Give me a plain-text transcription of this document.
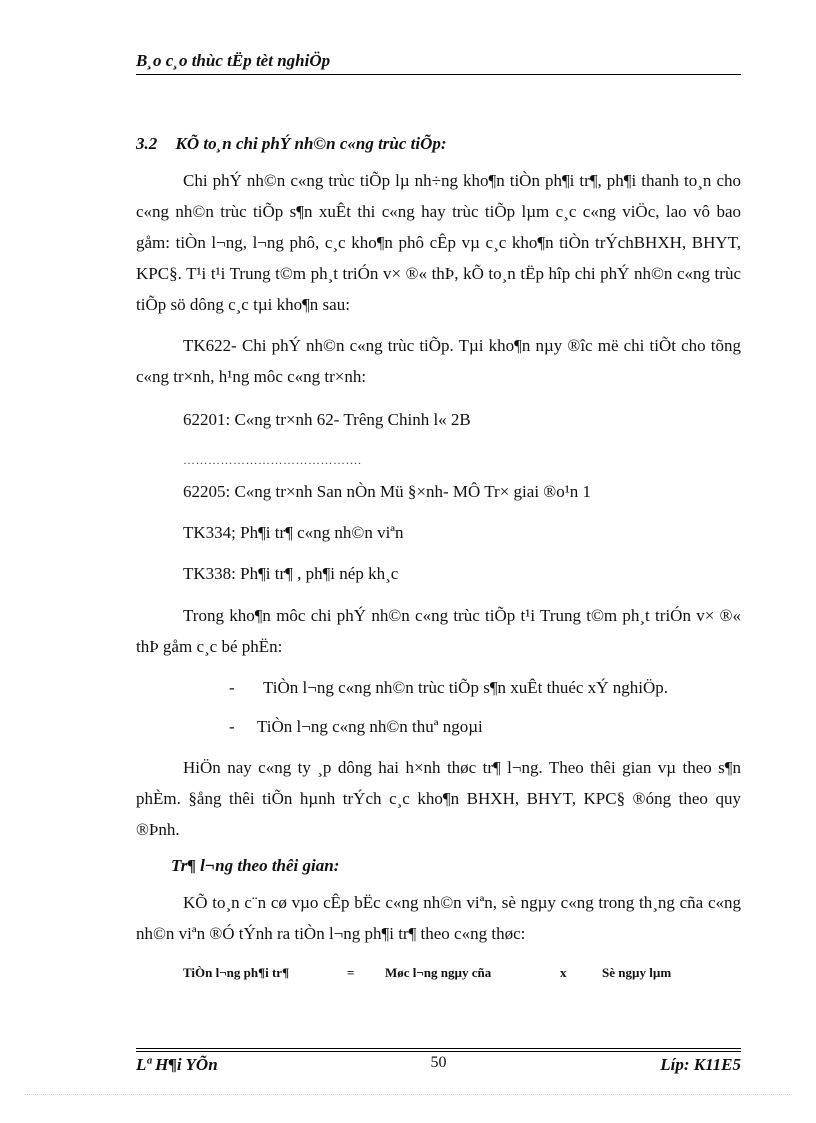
B¸o c¸o thùc tËp tèt nghiÖp

3.2 KÕ to¸n chi phÝ nh©n c«ng trùc tiÕp:

Chi phÝ nh©n c«ng trùc tiÕp lµ nh÷ng kho¶n tiÒn ph¶i tr¶, ph¶i thanh to¸n cho c«ng nh©n trùc tiÕp s¶n xuÊt thi c«ng hay trùc tiÕp lµm c¸c c«ng viÖc, lao vô bao gåm: tiÒn l¬ng, l¬ng phô, c¸c kho¶n phô cÊp vµ c¸c kho¶n tiÒn trÝchBHXH, BHYT, KPC§. T¹i t¹i Trung t©m ph¸t triÓn v× ®« thÞ, kÕ to¸n tËp hîp chi phÝ nh©n c«ng trùc tiÕp sö dông c¸c tµi kho¶n sau:

TK622- Chi phÝ nh©n c«ng trùc tiÕp. Tµi kho¶n nµy ®îc më chi tiÕt cho tõng c«ng tr×nh, h¹ng môc c«ng tr×nh:

62201: C«ng tr×nh 62- Trêng Chinh l« 2B

…………………………………….

62205: C«ng tr×nh San nÒn Mü §×nh- MÔ Tr× giai ®o¹n 1

TK334; Ph¶i tr¶ c«ng nh©n viªn

TK338: Ph¶i tr¶ , ph¶i nép kh¸c

Trong kho¶n môc chi phÝ nh©n c«ng trùc tiÕp t¹i Trung t©m ph¸t triÓn v× ®« thÞ gåm c¸c bé phËn:

- TiÒn l¬ng c«ng nh©n trùc tiÕp s¶n xuÊt thuéc xÝ nghiÖp.

- TiÒn l¬ng c«ng nh©n thuª ngoµi

HiÖn nay c«ng ty ¸p dông hai h×nh thøc tr¶ l¬ng. Theo thêi gian vµ theo s¶n phÈm. §ång thêi tiÕn hµnh trÝch c¸c kho¶n BHXH, BHYT, KPC§ ®óng theo quy ®Þnh.

Tr¶ l¬ng theo thêi gian:

KÕ to¸n c¨n cø vµo cÊp bËc c«ng nh©n viªn, sè ngµy c«ng trong th¸ng cña c«ng nh©n viªn ®Ó tÝnh ra tiÒn l¬ng ph¶i tr¶ theo c«ng thøc:

TiÒn l¬ng ph¶i tr¶	= Møc l¬ng ngµy cña	x	Sè ngµy lµm

Lª H¶i YÕn	50	Líp: K11E5
